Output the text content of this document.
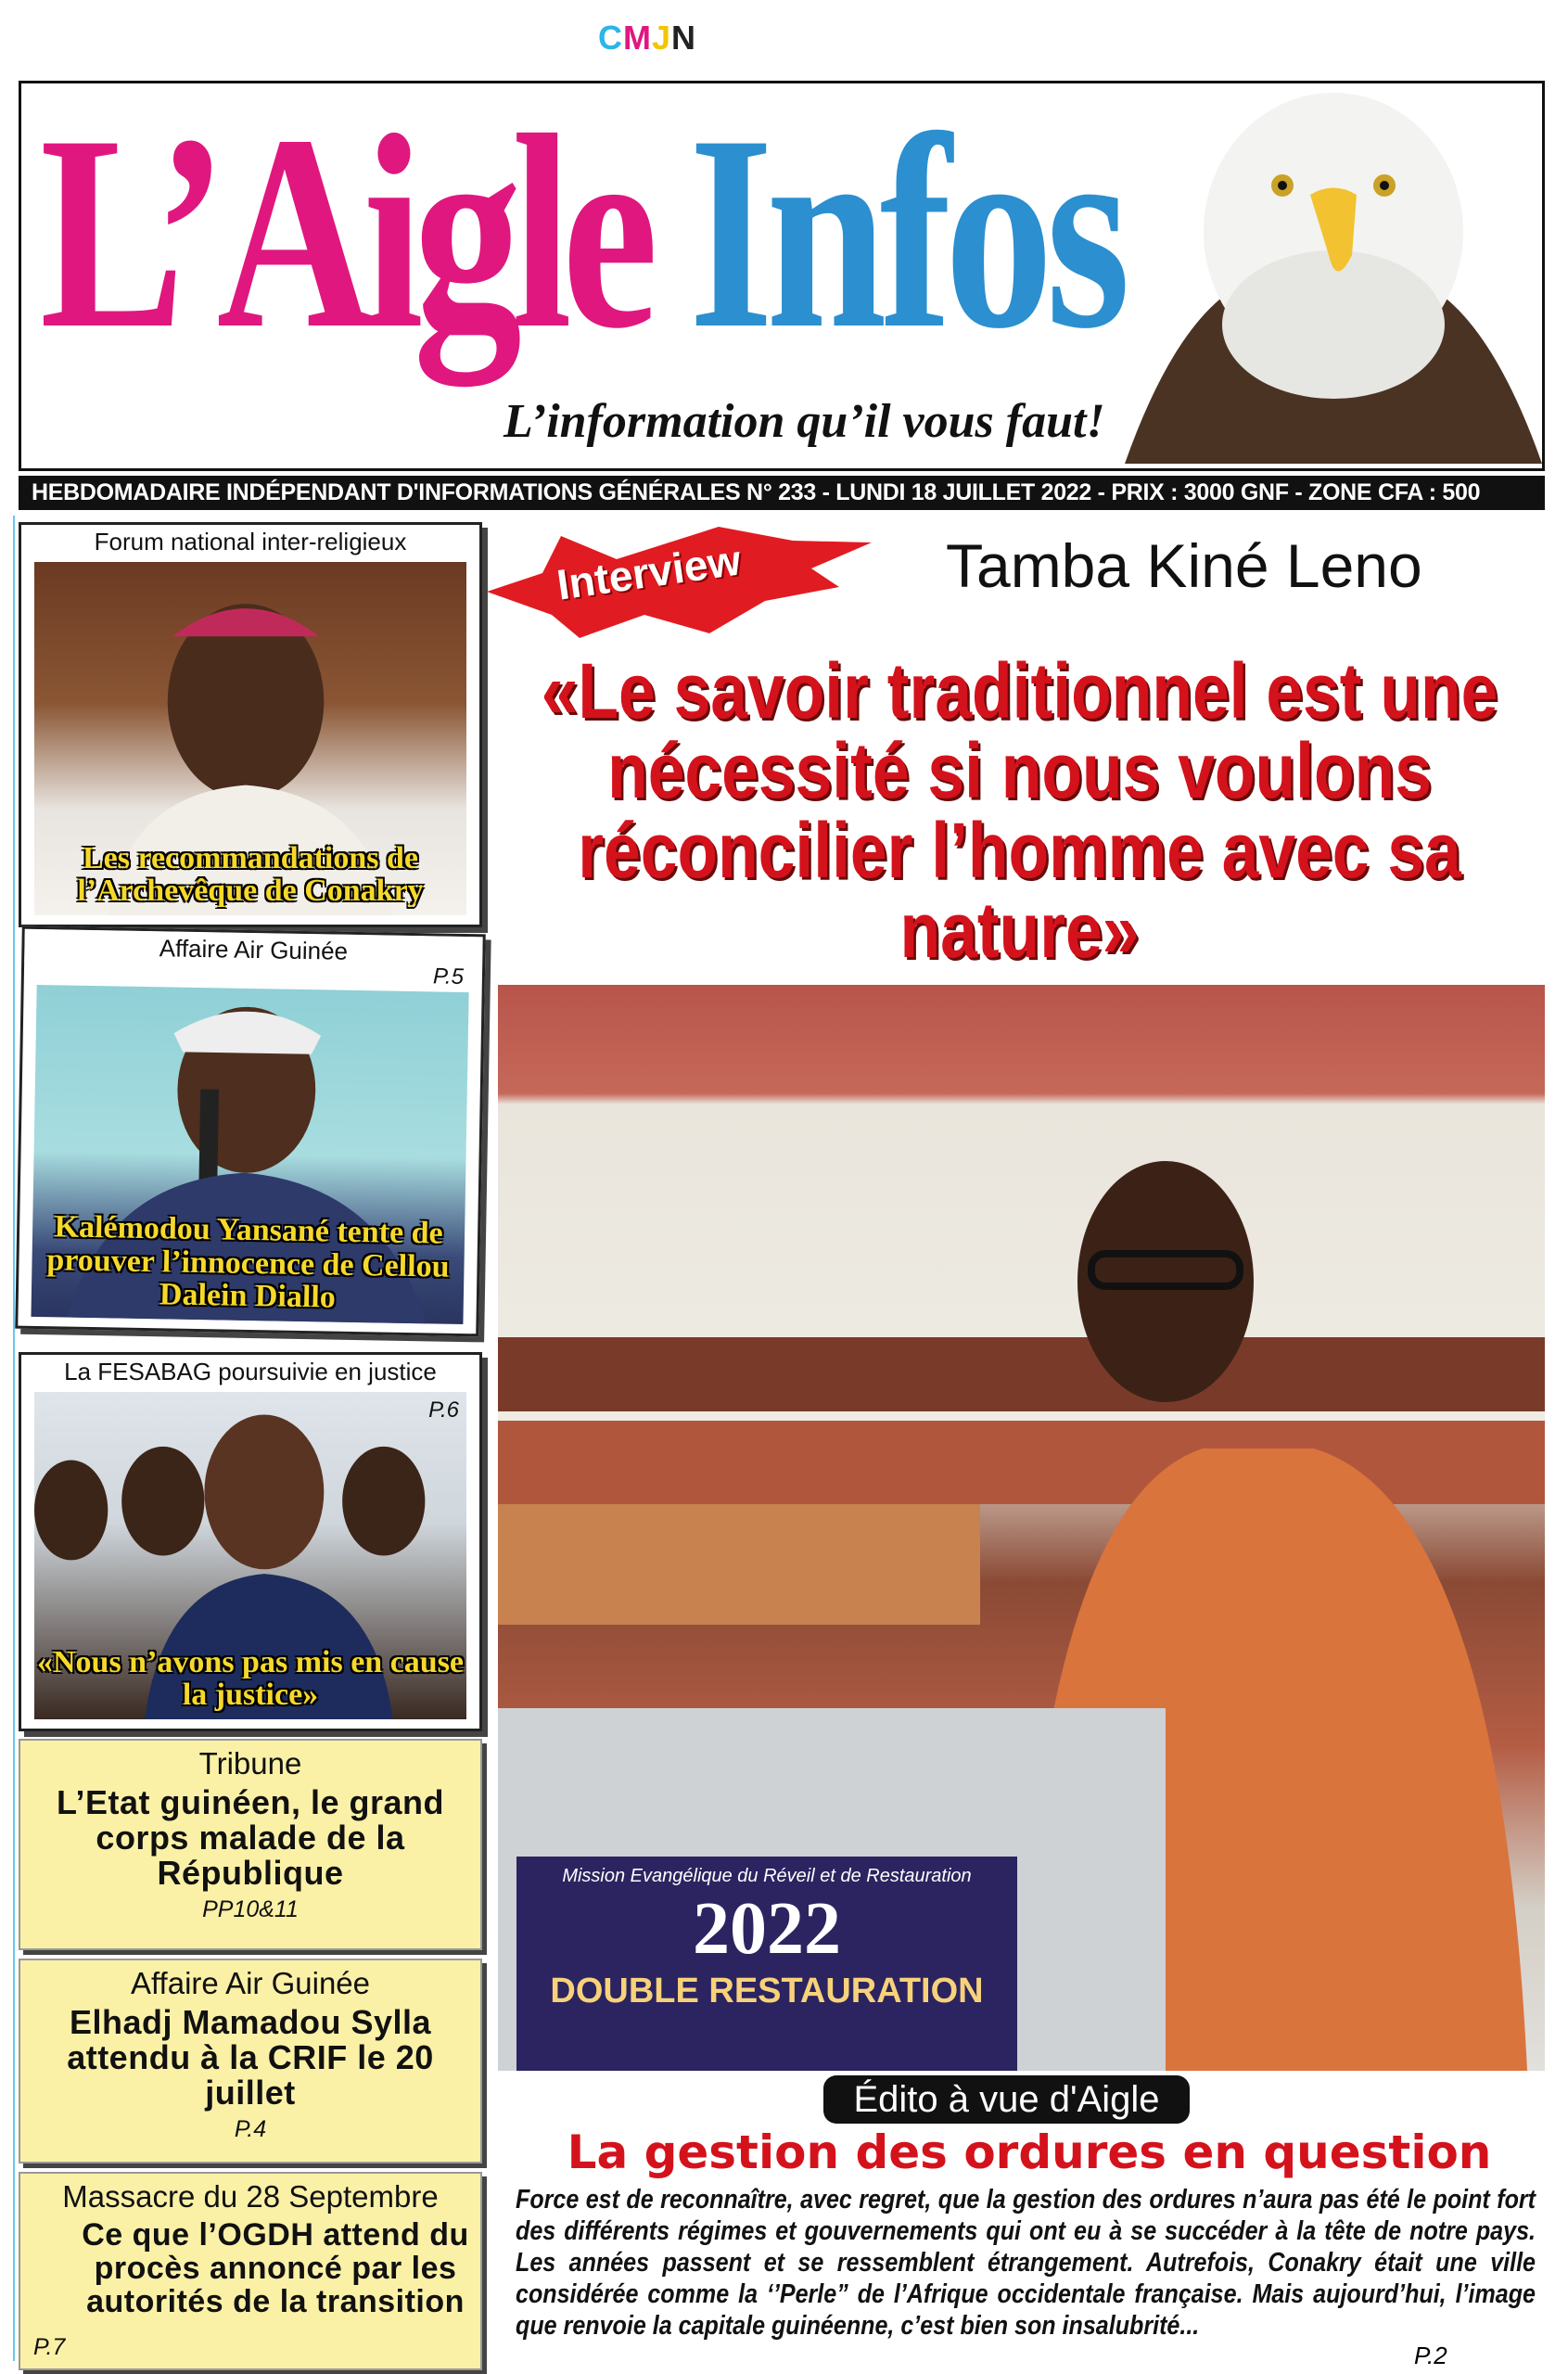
CMJN
L’Aigle Infos
L’information qu’il vous faut!
HEBDOMADAIRE INDÉPENDANT D'INFORMATIONS GÉNÉRALES N° 233 - LUNDI 18 JUILLET 2022 - PRIX : 3000 GNF - ZONE CFA : 500
Forum national inter-religieux
Les recommandations de l’Archevêque de Conakry
Affaire Air Guinée
P.5
Kalémodou Yansané tente de prouver l’innocence de Cellou Dalein Diallo
La FESABAG poursuivie en justice
P.6
«Nous n’avons pas mis en cause la justice»
Tribune
L’Etat guinéen, le grand corps malade de la République
PP10&11
Affaire Air Guinée
Elhadj Mamadou Sylla attendu à la CRIF le 20 juillet
P.4
Massacre du 28 Septembre
Ce que l’OGDH attend du procès annoncé par les autorités de la transition
P.7
Interview	Tamba Kiné Leno
Mission Evangélique du Réveil et de Restauration
2022
DOUBLE RESTAURATION
«Le savoir traditionnel est une nécessité si nous voulons réconcilier l’homme avec sa nature»
Édito à vue d'Aigle
La gestion des ordures en question
Force est de reconnaître, avec regret, que la gestion des ordures n’aura pas été le point fort des différents régimes et gouvernements qui ont eu à se succéder à la tête de notre pays. Les années passent et se ressemblent étrangement. Autrefois, Conakry était une ville considérée comme la ‘’Perle” de l’Afrique occidentale française. Mais aujourd’hui, l’image que renvoie la capitale guinéenne, c’est bien son insalubrité...
P.2
